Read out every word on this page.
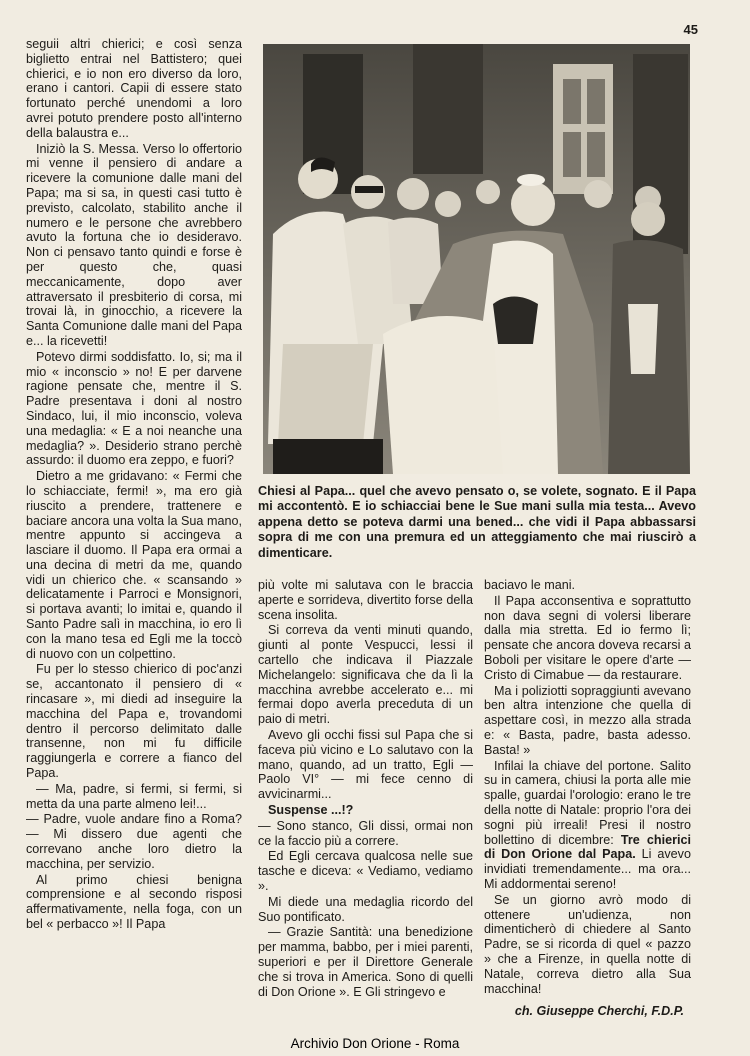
45

seguii altri chierici; e così senza biglietto entrai nel Battistero; quei chierici, e io non ero diverso da loro, erano i cantori. Capii di essere stato fortunato perché unendomi a loro avrei potuto prendere posto all'interno della balaustra e...

Iniziò la S. Messa. Verso lo offertorio mi venne il pensiero di andare a ricevere la comunione dalle mani del Papa; ma si sa, in questi casi tutto è previsto, calcolato, stabilito anche il numero e le persone che avrebbero avuto la fortuna che io desideravo. Non ci pensavo tanto quindi e forse è per questo che, quasi meccanicamente, dopo aver attraversato il presbiterio di corsa, mi trovai là, in ginocchio, a ricevere la Santa Comunione dalle mani del Papa e... la ricevetti!

Potevo dirmi soddisfatto. Io, si; ma il mio « inconscio » no! E per darvene ragione pensate che, mentre il S. Padre presentava i doni al nostro Sindaco, lui, il mio inconscio, voleva una medaglia: « E a noi neanche una medaglia? ». Desiderio strano perchè assurdo: il duomo era zeppo, e fuori?

Dietro a me gridavano: « Fermi che lo schiacciate, fermi! », ma ero già riuscito a prendere, trattenere e baciare ancora una volta la Sua mano, mentre appunto si accingeva a lasciare il duomo. Il Papa era ormai a una decina di metri da me, quando vidi un chierico che. « scansando » delicatamente i Parroci e Monsignori, si portava avanti; lo imitai e, quando il Santo Padre salì in macchina, io ero lì con la mano tesa ed Egli me la toccò di nuovo con un colpettino.

Fu per lo stesso chierico di poc'anzi se, accantonato il pensiero di « rincasare », mi diedi ad inseguire la macchina del Papa e, trovandomi dentro il percorso delimitato dalle transenne, non mi fu difficile raggiungerla e correre a fianco del Papa.

— Ma, padre, si fermi, si fermi, si metta da una parte almeno lei!...

— Padre, vuole andare fino a Roma? — Mi dissero due agenti che correvano anche loro dietro la macchina, per servizio.

Al primo chiesi benigna comprensione e al secondo risposi affermativamente, nella foga, con un bel « perbacco »! Il Papa

Chiesi al Papa... quel che avevo pensato o, se volete, sognato. E il Papa mi accontentò. E io schiacciai bene le Sue mani sulla mia testa... Avevo appena detto se poteva darmi una bened... che vidi il Papa abbassarsi sopra di me con una premura ed un atteggiamento che mai riuscirò a dimenticare.

più volte mi salutava con le braccia aperte e sorrideva, divertito forse della scena insolita.

Si correva da venti minuti quando, giunti al ponte Vespucci, lessi il cartello che indicava il Piazzale Michelangelo: significava che da lì la macchina avrebbe accelerato e... mi fermai dopo averla preceduta di un paio di metri.

Avevo gli occhi fissi sul Papa che si faceva più vicino e Lo salutavo con la mano, quando, ad un tratto, Egli — Paolo VI° — mi fece cenno di avvicinarmi...

Suspense ...!?

— Sono stanco, Gli dissi, ormai non ce la faccio più a correre.

Ed Egli cercava qualcosa nelle sue tasche e diceva: « Vediamo, vediamo ».

Mi diede una medaglia ricordo del Suo pontificato.

— Grazie Santità: una benedizione per mamma, babbo, per i miei parenti, superiori e per il Direttore Generale che si trova in America. Sono di quelli di Don Orione ». E Gli stringevo e

baciavo le mani.

Il Papa acconsentiva e soprattutto non dava segni di volersi liberare dalla mia stretta. Ed io fermo lì; pensate che ancora doveva recarsi a Boboli per visitare le opere d'arte — Cristo di Cimabue — da restaurare.

Ma i poliziotti sopraggiunti avevano ben altra intenzione che quella di aspettare così, in mezzo alla strada e: « Basta, padre, basta adesso. Basta! »

Infilai la chiave del portone. Salito su in camera, chiusi la porta alle mie spalle, guardai l'orologio: erano le tre della notte di Natale: proprio l'ora dei sogni più irreali! Presi il nostro bollettino di dicembre: Tre chierici di Don Orione dal Papa. Li avevo invidiati tremendamente... ma ora... Mi addormentai sereno!

Se un giorno avrò modo di ottenere un'udienza, non dimenticherò di chiedere al Santo Padre, se si ricorda di quel « pazzo » che a Firenze, in quella notte di Natale, correva dietro alla Sua macchina!

ch. Giuseppe Cherchi, F.D.P.
Archivio Don Orione - Roma
